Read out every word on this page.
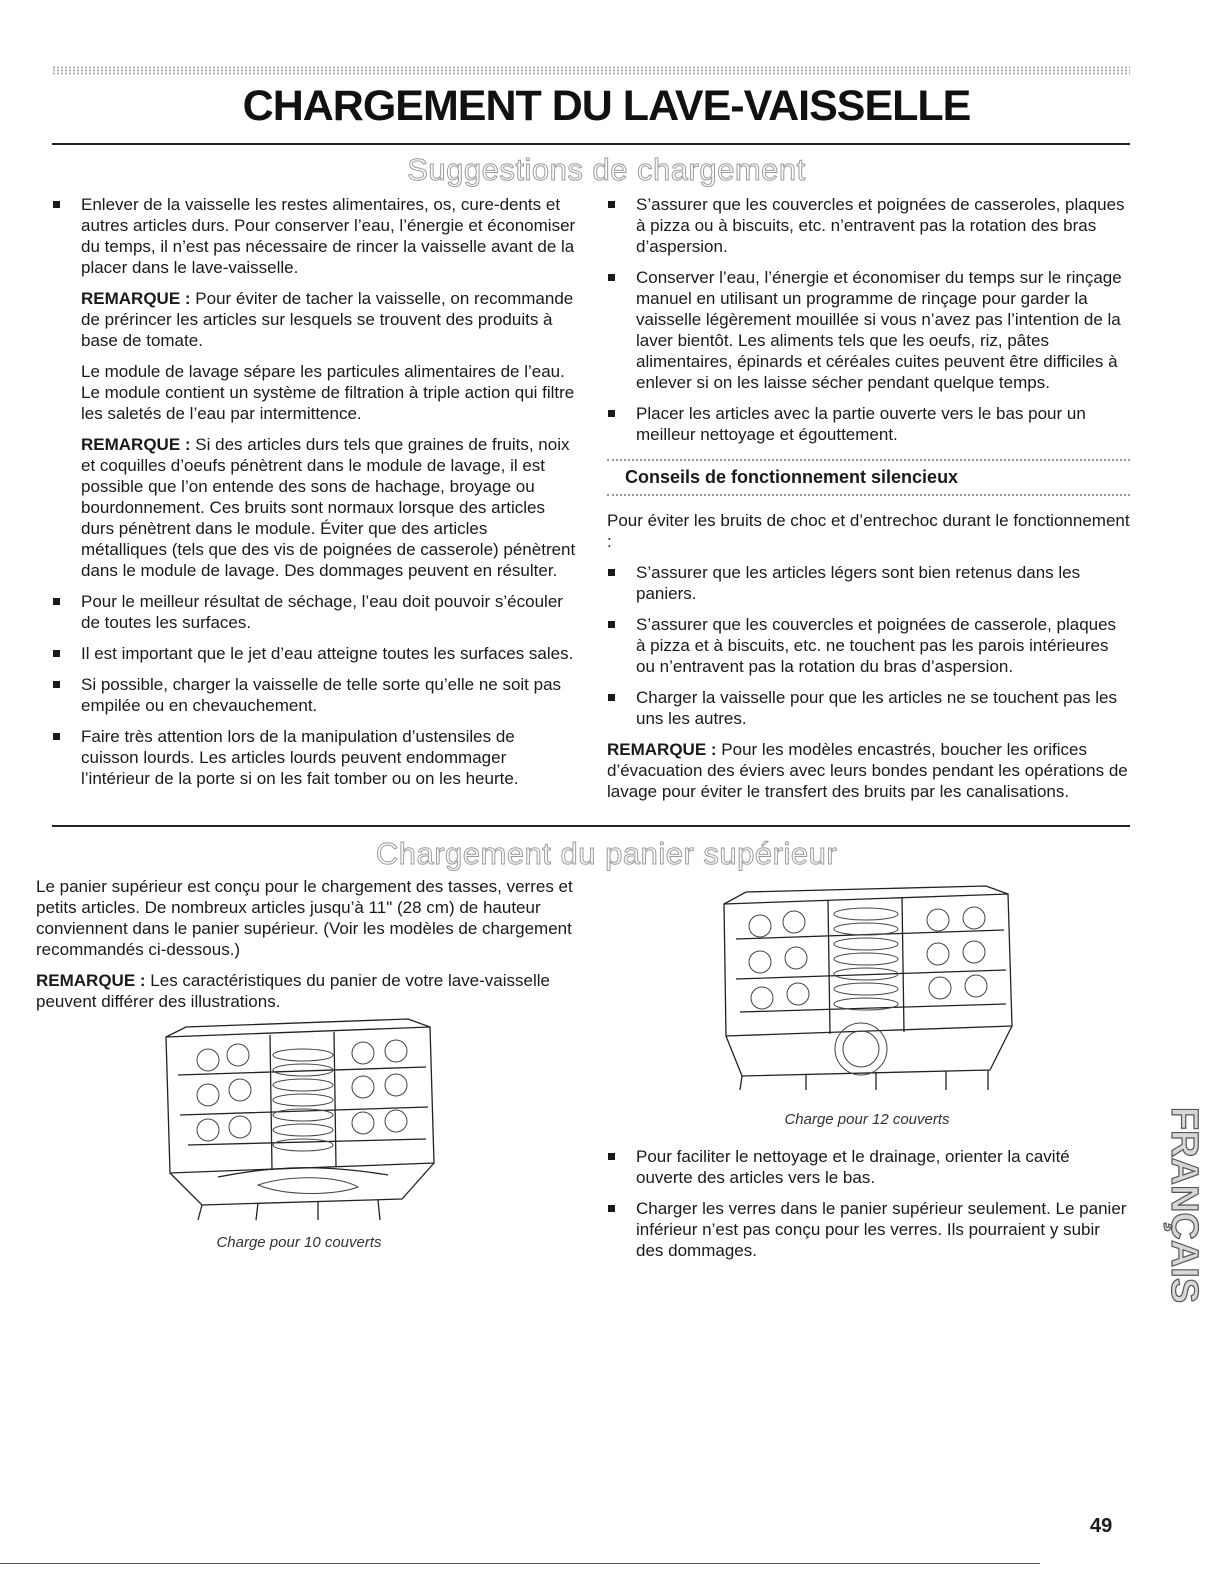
CHARGEMENT DU LAVE-VAISSELLE
Suggestions de chargement
Enlever de la vaisselle les restes alimentaires, os, cure-dents et autres articles durs. Pour conserver l’eau, l’énergie et économiser du temps, il n’est pas nécessaire de rincer la vaisselle avant de la placer dans le lave-vaisselle.
REMARQUE : Pour éviter de tacher la vaisselle, on recommande de prérincer les articles sur lesquels se trouvent des produits à base de tomate.
Le module de lavage sépare les particules alimentaires de l’eau. Le module contient un système de filtration à triple action qui filtre les saletés de l’eau par intermittence.
REMARQUE : Si des articles durs tels que graines de fruits, noix et coquilles d’oeufs pénètrent dans le module de lavage, il est possible que l’on entende des sons de hachage, broyage ou bourdonnement. Ces bruits sont normaux lorsque des articles durs pénètrent dans le module. Éviter que des articles métalliques (tels que des vis de poignées de casserole) pénètrent dans le module de lavage. Des dommages peuvent en résulter.
Pour le meilleur résultat de séchage, l’eau doit pouvoir s’écouler de toutes les surfaces.
Il est important que le jet d’eau atteigne toutes les surfaces sales.
Si possible, charger la vaisselle de telle sorte qu’elle ne soit pas empilée ou en chevauchement.
Faire très attention lors de la manipulation d’ustensiles de cuisson lourds. Les articles lourds peuvent endommager l’intérieur de la porte si on les fait tomber ou on les heurte.
S’assurer que les couvercles et poignées de casseroles, plaques à pizza ou à biscuits, etc. n’entravent pas la rotation des bras d’aspersion.
Conserver l’eau, l’énergie et économiser du temps sur le rinçage manuel en utilisant un programme de rinçage pour garder la vaisselle légèrement mouillée si vous n’avez pas l’intention de la laver bientôt. Les aliments tels que les oeufs, riz, pâtes alimentaires, épinards et céréales cuites peuvent être difficiles à enlever si on les laisse sécher pendant quelque temps.
Placer les articles avec la partie ouverte vers le bas pour un meilleur nettoyage et égouttement.
Conseils de fonctionnement silencieux

Pour éviter les bruits de choc et d’entrechoc durant le fonctionnement :

S’assurer que les articles légers sont bien retenus dans les paniers.
S’assurer que les couvercles et poignées de casserole, plaques à pizza et à biscuits, etc. ne touchent pas les parois intérieures ou n’entravent pas la rotation du bras d’aspersion.
Charger la vaisselle pour que les articles ne se touchent pas les uns les autres.
REMARQUE : Pour les modèles encastrés, boucher les orifices d’évacuation des éviers avec leurs bondes pendant les opérations de lavage pour éviter le transfert des bruits par les canalisations.
Chargement du panier supérieur

Le panier supérieur est conçu pour le chargement des tasses, verres et petits articles. De nombreux articles jusqu’à 11" (28 cm) de hauteur conviennent dans le panier supérieur. (Voir les modèles de chargement recommandés ci-dessous.)

REMARQUE : Les caractéristiques du panier de votre lave-vaisselle peuvent différer des illustrations.
Charge pour 10 couverts
Charge pour 12 couverts
Pour faciliter le nettoyage et le drainage, orienter la cavité ouverte des articles vers le bas.
Charger les verres dans le panier supérieur seulement. Le panier inférieur n’est pas conçu pour les verres. Ils pourraient y subir des dommages.	FRANÇAIS
49
